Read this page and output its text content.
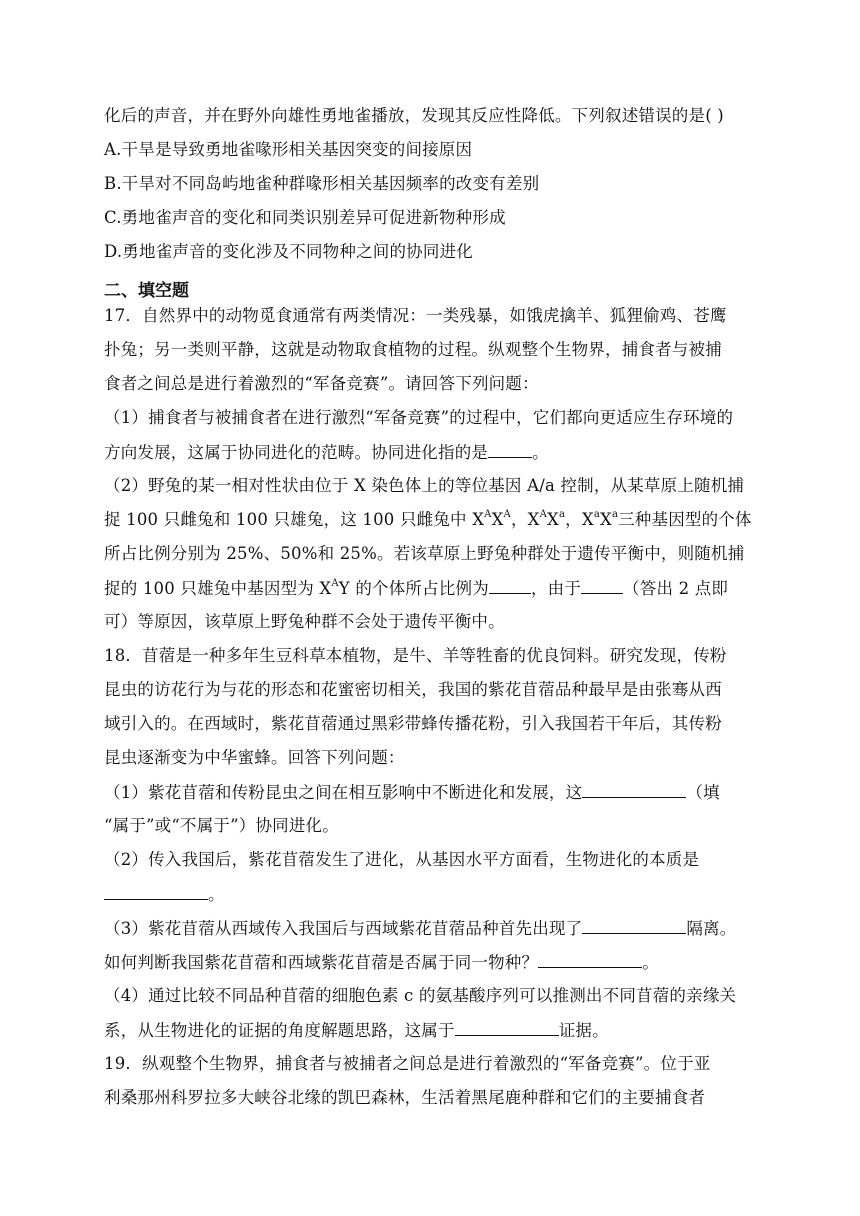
化后的声音，并在野外向雄性勇地雀播放，发现其反应性降低。下列叙述错误的是( )
A.干旱是导致勇地雀喙形相关基因突变的间接原因
B.干旱对不同岛屿地雀种群喙形相关基因频率的改变有差别
C.勇地雀声音的变化和同类识别差异可促进新物种形成
D.勇地雀声音的变化涉及不同物种之间的协同进化
二、填空题
17．自然界中的动物觅食通常有两类情况：一类残暴，如饿虎擒羊、狐狸偷鸡、苍鹰
扑兔；另一类则平静，这就是动物取食植物的过程。纵观整个生物界，捕食者与被捕
食者之间总是进行着激烈的“军备竞赛”。请回答下列问题：
（1）捕食者与被捕食者在进行激烈“军备竞赛”的过程中，它们都向更适应生存环境的
方向发展，这属于协同进化的范畴。协同进化指的是	。
（2）野兔的某一相对性状由位于 X 染色体上的等位基因 A/a 控制，从某草原上随机捕
捉 100 只雌兔和 100 只雄兔，这 100 只雌兔中 $X^AX^A$，$X^AX^a$，$X^aX^a$三种基因型的个体
所占比例分别为 25%、50%和 25%。若该草原上野兔种群处于遗传平衡中，则随机捕
捉的 100 只雄兔中基因型为 $X^AY$ 的个体所占比例为	，由于	（答出 2 点即
可）等原因，该草原上野兔种群不会处于遗传平衡中。
18．苜蓿是一种多年生豆科草本植物，是牛、羊等牲畜的优良饲料。研究发现，传粉
昆虫的访花行为与花的形态和花蜜密切相关，我国的紫花苜蓿品种最早是由张骞从西
域引入的。在西域时，紫花苜蓿通过黑彩带蜂传播花粉，引入我国若干年后，其传粉
昆虫逐渐变为中华蜜蜂。回答下列问题：
（1）紫花苜蓿和传粉昆虫之间在相互影响中不断进化和发展，这	（填
“属于”或“不属于”）协同进化。
（2）传入我国后，紫花苜蓿发生了进化，从基因水平方面看，生物进化的本质是
。
（3）紫花苜蓿从西域传入我国后与西域紫花苜蓿品种首先出现了	隔离。
如何判断我国紫花苜蓿和西域紫花苜蓿是否属于同一物种？	。
（4）通过比较不同品种苜蓿的细胞色素 c 的氨基酸序列可以推测出不同苜蓿的亲缘关
系，从生物进化的证据的角度解题思路，这属于	证据。
19．纵观整个生物界，捕食者与被捕者之间总是进行着激烈的“军备竞赛”。位于亚
利桑那州科罗拉多大峡谷北缘的凯巴森林，生活着黑尾鹿种群和它们的主要捕食者
